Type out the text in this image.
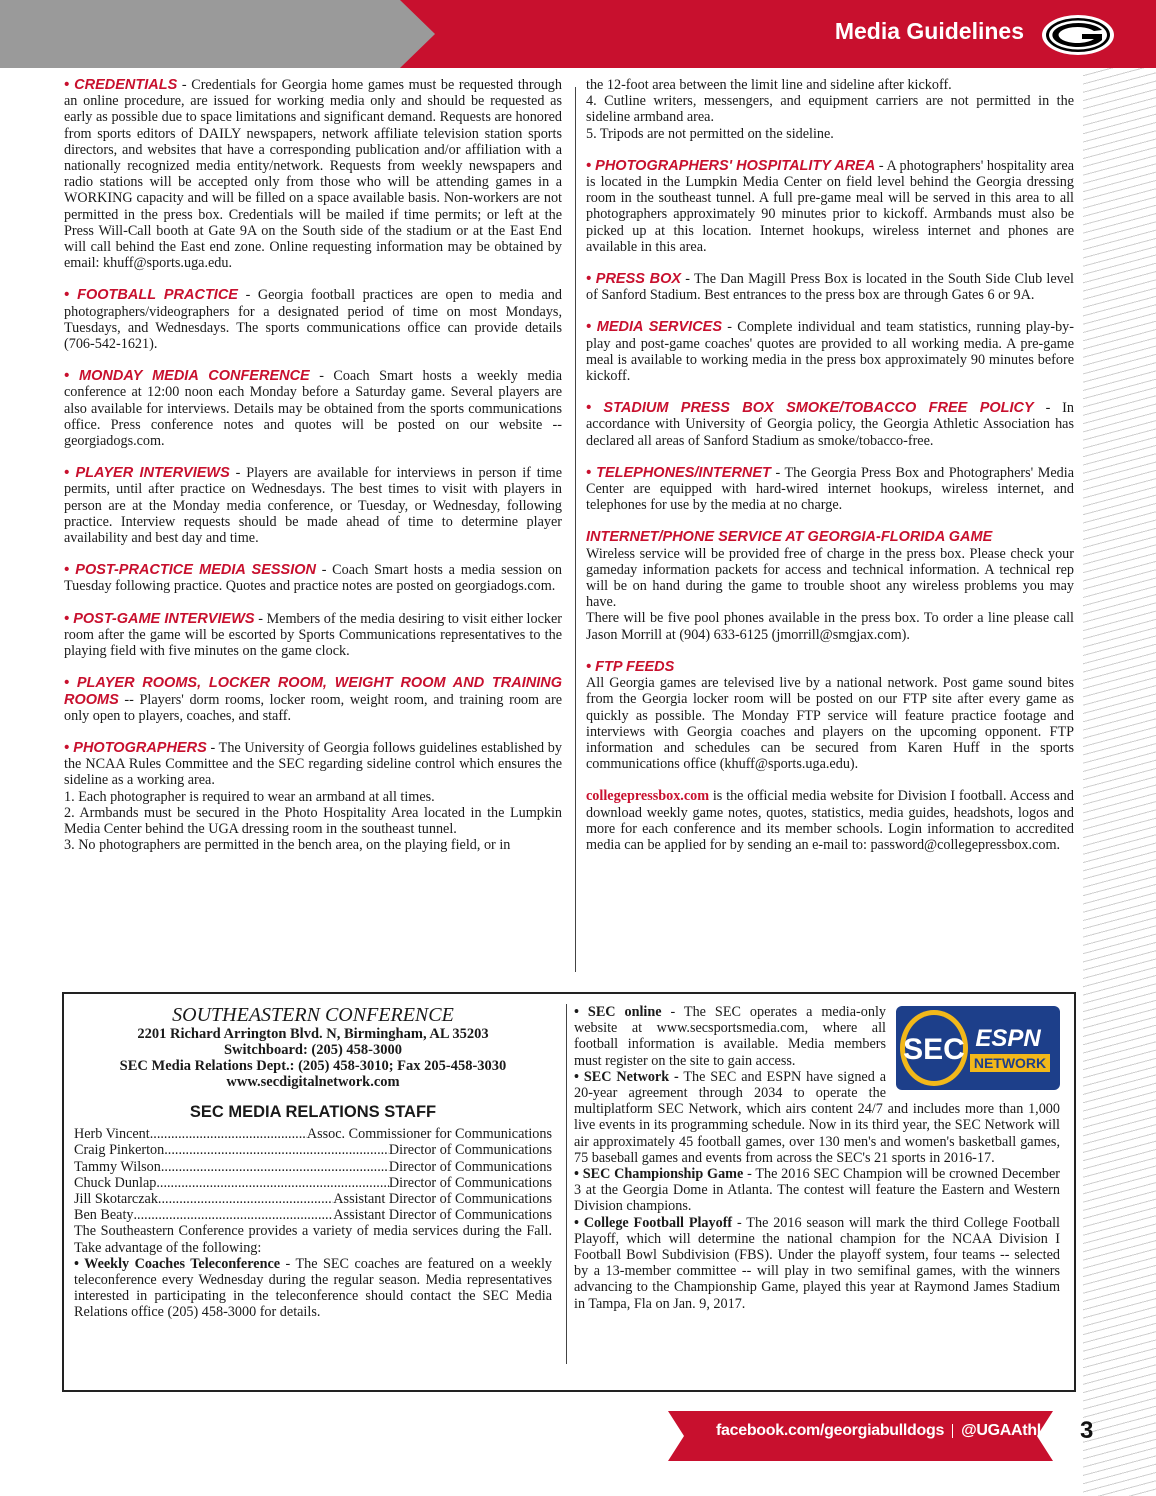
Media Guidelines
• CREDENTIALS - Credentials for Georgia home games must be requested through an online procedure, are issued for working media only and should be requested as early as possible due to space limitations and significant demand. Requests are honored from sports editors of DAILY newspapers, network affiliate television station sports directors, and websites that have a corresponding publication and/or affiliation with a nationally recognized media entity/network. Requests from weekly newspapers and radio stations will be accepted only from those who will be attending games in a WORKING capacity and will be filled on a space available basis. Non-workers are not permitted in the press box. Credentials will be mailed if time permits; or left at the Press Will-Call booth at Gate 9A on the South side of the stadium or at the East End will call behind the East end zone. Online requesting information may be obtained by email: khuff@sports.uga.edu.
• FOOTBALL PRACTICE - Georgia football practices are open to media and photographers/videographers for a designated period of time on most Mondays, Tuesdays, and Wednesdays. The sports communications office can provide details (706-542-1621).
• MONDAY MEDIA CONFERENCE - Coach Smart hosts a weekly media conference at 12:00 noon each Monday before a Saturday game. Several players are also available for interviews. Details may be obtained from the sports communications office. Press conference notes and quotes will be posted on our website -- georgiadogs.com.
• PLAYER INTERVIEWS - Players are available for interviews in person if time permits, until after practice on Wednesdays. The best times to visit with players in person are at the Monday media conference, or Tuesday, or Wednesday, following practice. Interview requests should be made ahead of time to determine player availability and best day and time.
• POST-PRACTICE MEDIA SESSION - Coach Smart hosts a media session on Tuesday following practice. Quotes and practice notes are posted on georgiadogs.com.
• POST-GAME INTERVIEWS - Members of the media desiring to visit either locker room after the game will be escorted by Sports Communications representatives to the playing field with five minutes on the game clock.
• PLAYER ROOMS, LOCKER ROOM, WEIGHT ROOM AND TRAINING ROOMS -- Players' dorm rooms, locker room, weight room, and training room are only open to players, coaches, and staff.
• PHOTOGRAPHERS - The University of Georgia follows guidelines established by the NCAA Rules Committee and the SEC regarding sideline control which ensures the sideline as a working area.
1. Each photographer is required to wear an armband at all times.
2. Armbands must be secured in the Photo Hospitality Area located in the Lumpkin Media Center behind the UGA dressing room in the southeast tunnel.
3. No photographers are permitted in the bench area, on the playing field, or in
the 12-foot area between the limit line and sideline after kickoff.
4. Cutline writers, messengers, and equipment carriers are not permitted in the sideline armband area.
5. Tripods are not permitted on the sideline.
• PHOTOGRAPHERS' HOSPITALITY AREA - A photographers' hospitality area is located in the Lumpkin Media Center on field level behind the Georgia dressing room in the southeast tunnel. A full pre-game meal will be served in this area to all photographers approximately 90 minutes prior to kickoff. Armbands must also be picked up at this location. Internet hookups, wireless internet and phones are available in this area.
• PRESS BOX - The Dan Magill Press Box is located in the South Side Club level of Sanford Stadium. Best entrances to the press box are through Gates 6 or 9A.
• MEDIA SERVICES - Complete individual and team statistics, running play-by-play and post-game coaches' quotes are provided to all working media. A pre-game meal is available to working media in the press box approximately 90 minutes before kickoff.
• STADIUM PRESS BOX SMOKE/TOBACCO FREE POLICY - In accordance with University of Georgia policy, the Georgia Athletic Association has declared all areas of Sanford Stadium as smoke/tobacco-free.
• TELEPHONES/INTERNET - The Georgia Press Box and Photographers' Media Center are equipped with hard-wired internet hookups, wireless internet, and telephones for use by the media at no charge.
INTERNET/PHONE SERVICE AT GEORGIA-FLORIDA GAME
Wireless service will be provided free of charge in the press box. Please check your gameday information packets for access and technical information. A technical rep will be on hand during the game to trouble shoot any wireless problems you may have.
There will be five pool phones available in the press box. To order a line please call Jason Morrill at (904) 633-6125 (jmorrill@smgjax.com).
• FTP FEEDS
All Georgia games are televised live by a national network. Post game sound bites from the Georgia locker room will be posted on our FTP site after every game as quickly as possible. The Monday FTP service will feature practice footage and interviews with Georgia coaches and players on the upcoming opponent. FTP information and schedules can be secured from Karen Huff in the sports communications office (khuff@sports.uga.edu).
collegepressbox.com is the official media website for Division I football. Access and download weekly game notes, quotes, statistics, media guides, headshots, logos and more for each conference and its member schools. Login information to accredited media can be applied for by sending an e-mail to: password@collegepressbox.com.
SOUTHEASTERN CONFERENCE
2201 Richard Arrington Blvd. N, Birmingham, AL 35203
Switchboard: (205) 458-3000
SEC Media Relations Dept.: (205) 458-3010; Fax 205-458-3030
www.secdigitalnetwork.com
SEC MEDIA RELATIONS STAFF
Herb Vincent .....	Assoc. Commissioner for Communications
Craig Pinkerton .....	Director of Communications
Tammy Wilson .....	Director of Communications
Chuck Dunlap .....	Director of Communications
Jill Skotarczak .....	Assistant Director of Communications
Ben Beaty .....	Assistant Director of Communications

The Southeastern Conference provides a variety of media services during the Fall. Take advantage of the following:

• Weekly Coaches Teleconference - The SEC coaches are featured on a weekly teleconference every Wednesday during the regular season. Media representatives interested in participating in the teleconference should contact the SEC Media Relations office (205) 458-3000 for details.

SEC ESPN
NETWORK

• SEC online - The SEC operates a media-only website at www.secsportsmedia.com, where all football information is available. Media members must register on the site to gain access.

• SEC Network - The SEC and ESPN have signed a 20-year agreement through 2034 to operate the multiplatform SEC Network, which airs content 24/7 and includes more than 1,000 live events in its programming schedule. Now in its third year, the SEC Network will air approximately 45 football games, over 130 men's and women's basketball games, 75 baseball games and events from across the SEC's 21 sports in 2016-17.

• SEC Championship Game - The 2016 SEC Champion will be crowned December 3 at the Georgia Dome in Atlanta. The contest will feature the Eastern and Western Division champions.

• College Football Playoff - The 2016 season will mark the third College Football Playoff, which will determine the national champion for the NCAA Division I Football Bowl Subdivision (FBS). Under the playoff system, four teams -- selected by a 13-member committee -- will play in two semifinal games, with the winners advancing to the Championship Game, played this year at Raymond James Stadium in Tampa, Fla on Jan. 9, 2017.

facebook.com/georgiabulldogs @UGAAthletics 3
